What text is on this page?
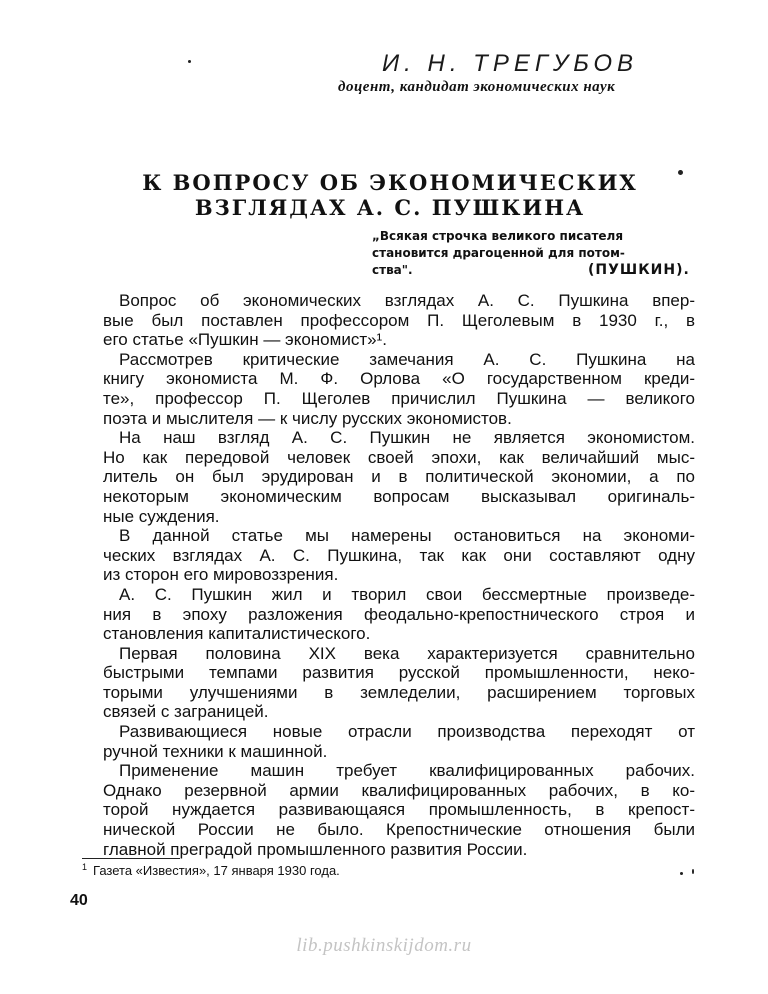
И. Н. ТРЕГУБОВ
доцент, кандидат экономических наук
К ВОПРОСУ ОБ ЭКОНОМИЧЕСКИХ
ВЗГЛЯДАХ А. С. ПУШКИНА
„Всякая строчка великого писателя
становится драгоценной для потом-
ства".	(ПУШКИН).

Вопрос об экономических взглядах А. С. Пушкина впер-
вые был поставлен профессором П. Щеголевым в 1930 г., в
его статье «Пушкин — экономист»¹.

Рассмотрев критические замечания А. С. Пушкина на
книгу экономиста М. Ф. Орлова «О государственном креди-
те», профессор П. Щеголев причислил Пушкина — великого
поэта и мыслителя — к числу русских экономистов.

На наш взгляд А. С. Пушкин не является экономистом.
Но как передовой человек своей эпохи, как величайший мыс-
литель он был эрудирован и в политической экономии, а по
некоторым экономическим вопросам высказывал оригиналь-
ные суждения.

В данной статье мы намерены остановиться на экономи-
ческих взглядах А. С. Пушкина, так как они составляют одну
из сторон его мировоззрения.

А. С. Пушкин жил и творил свои бессмертные произведе-
ния в эпоху разложения феодально-крепостнического строя и
становления капиталистического.

Первая половина XIX века характеризуется сравнительно
быстрыми темпами развития русской промышленности, неко-
торыми улучшениями в земледелии, расширением торговых
связей с заграницей.

Развивающиеся новые отрасли производства переходят от
ручной техники к машинной.

Применение машин требует квалифицированных рабочих.
Однако резервной армии квалифицированных рабочих, в ко-
торой нуждается развивающаяся промышленность, в крепост-
нической России не было. Крепостнические отношения были
главной преградой промышленного развития России.

$^1$ Газета «Известия», 17 января 1930 года.
40
lib.pushkinskijdom.ru
